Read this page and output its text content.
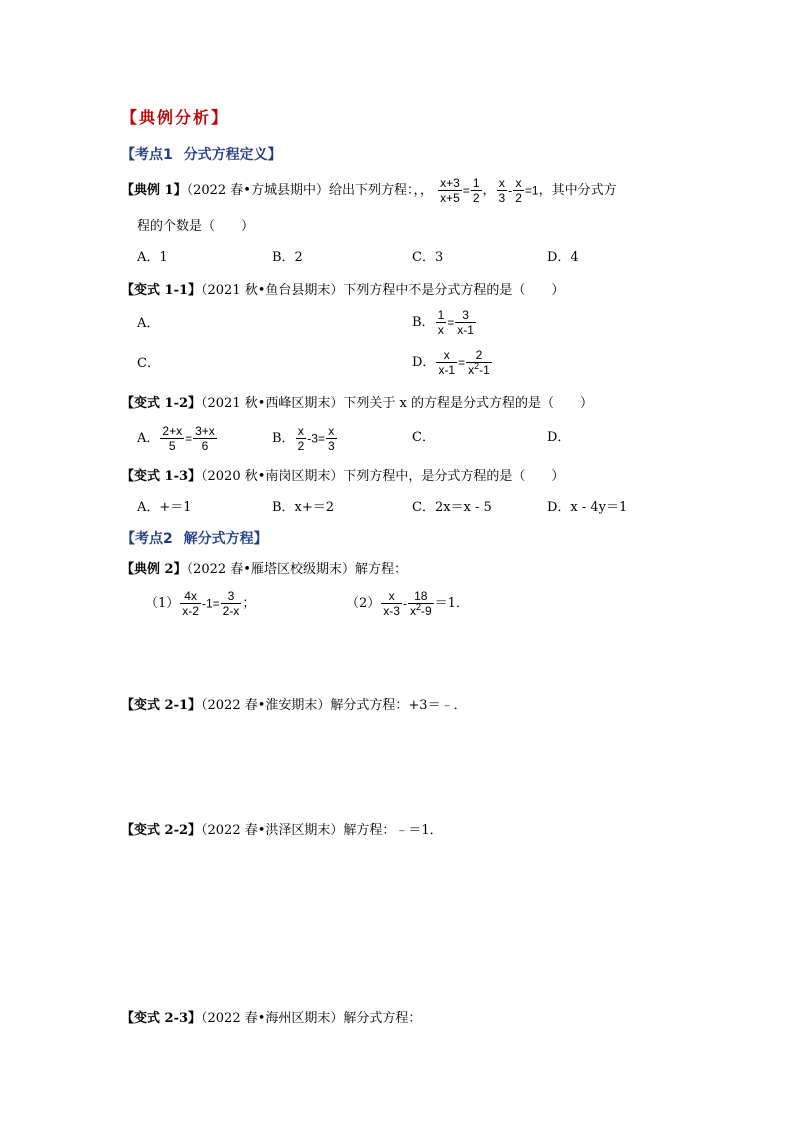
【典例分析】
【考点1 分式方程定义】
【典例 1】（2022 春•方城县期中）给出下列方程：，， $\frac{x+3}{x+5} = \frac{1}{2}$ ， $\frac{x}{3} - \frac{x}{2} =1$，其中分式方
程的个数是（　　）
A．1	B．2	C．3	D．4
【变式 1-1】（2021 秋•鱼台县期末）下列方程中不是分式方程的是（　　）
A．	B． $\frac{1}{x} = \frac{3}{x-1}$
C．	D． $\frac{x}{x-1} = \frac{2}{x^2-1}$
【变式 1-2】（2021 秋•西峰区期末）下列关于 x 的方程是分式方程的是（　　）
A． $\frac{2+x}{5} = \frac{3+x}{6}$	B． $\frac{x}{2} -3= \frac{x}{3}$	C．	D．
【变式 1-3】（2020 秋•南岗区期末）下列方程中，是分式方程的是（　　）
A．+＝1	B．x+＝2	C．2x＝x - 5	D．x - 4y＝1
【考点2 解分式方程】
【典例 2】（2022 春•雁塔区校级期末）解方程：
$(1) \frac{4x}{x-2} -1= \frac{3}{2-x}$ ；	$(2) \frac{x}{x-3} - \frac{18}{x^2-9} =1$．
【变式 2-1】（2022 春•淮安期末）解分式方程：+3＝﹣．
【变式 2-2】（2022 春•洪泽区期末）解方程：﹣＝1．
【变式 2-3】（2022 春•海州区期末）解分式方程：
